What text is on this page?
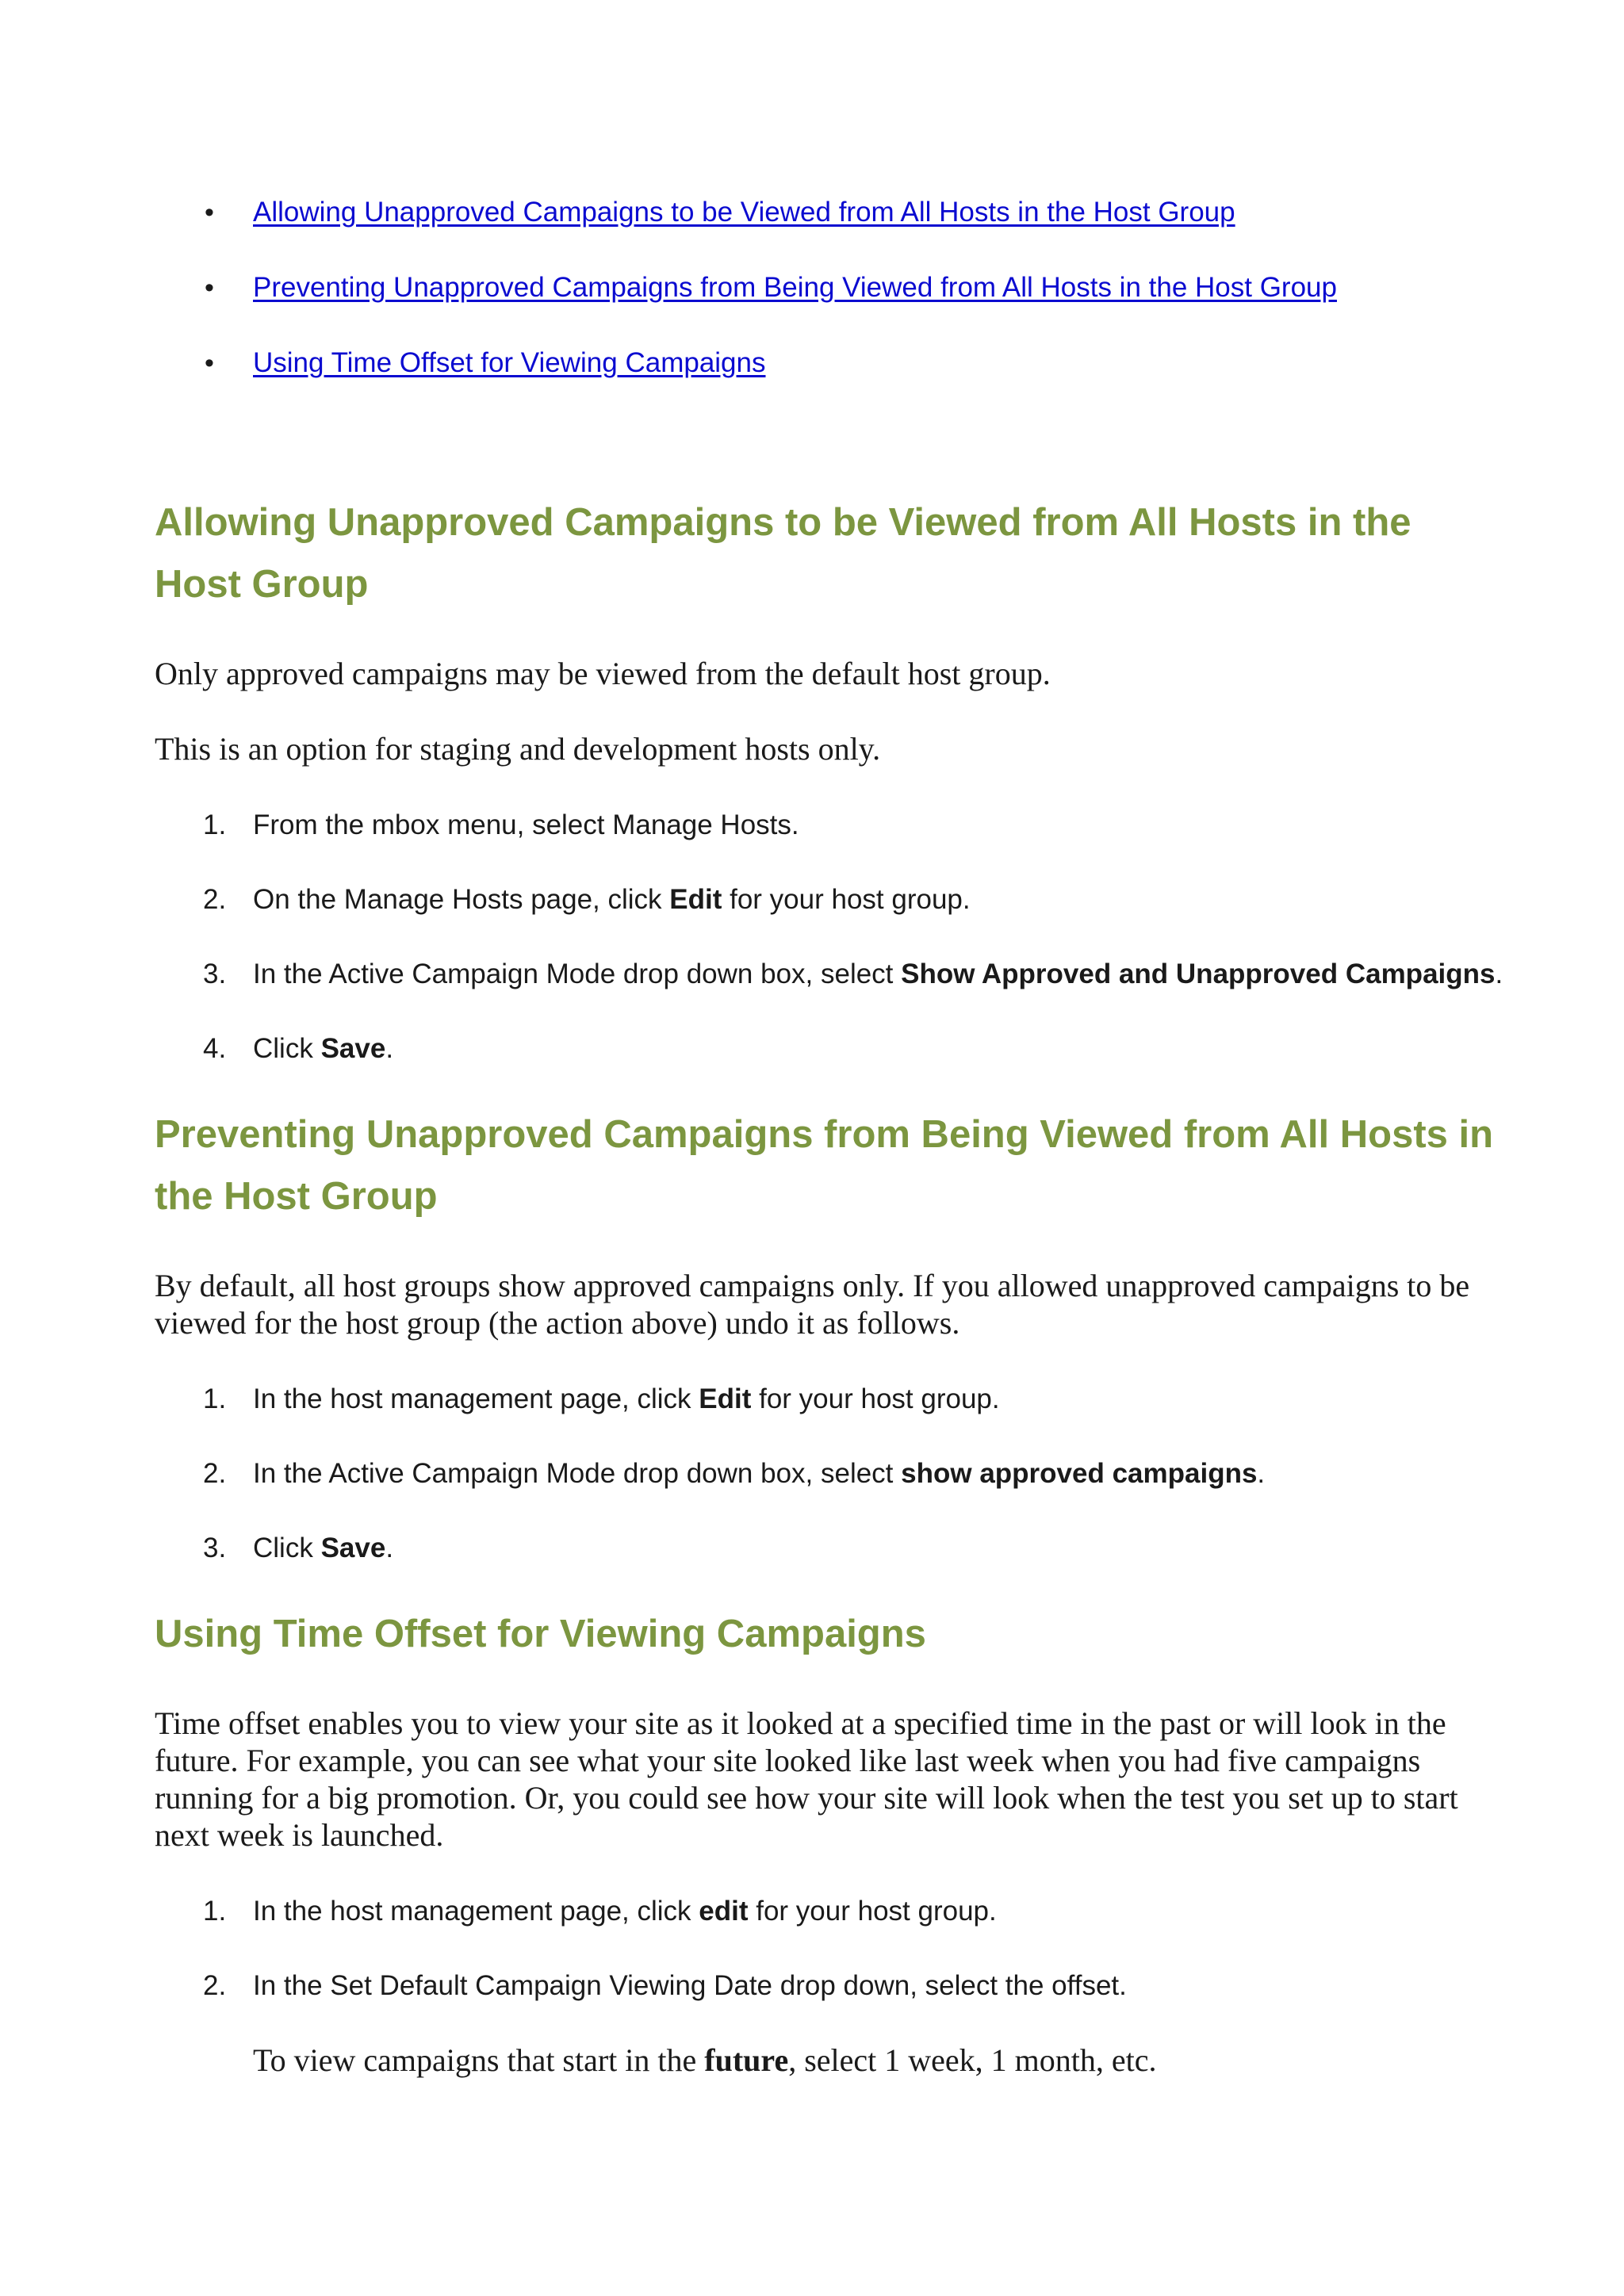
• Allowing Unapproved Campaigns to be Viewed from All Hosts in the Host Group
• Preventing Unapproved Campaigns from Being Viewed from All Hosts in the Host Group
• Using Time Offset for Viewing Campaigns
Allowing Unapproved Campaigns to be Viewed from All Hosts in the Host Group

Only approved campaigns may be viewed from the default host group.

This is an option for staging and development hosts only.

1. From the mbox menu, select Manage Hosts.
2. On the Manage Hosts page, click Edit for your host group.
3. In the Active Campaign Mode drop down box, select Show Approved and Unapproved Campaigns.
4. Click Save.
Preventing Unapproved Campaigns from Being Viewed from All Hosts in the Host Group

By default, all host groups show approved campaigns only. If you allowed unapproved campaigns to be viewed for the host group (the action above) undo it as follows.

1. In the host management page, click Edit for your host group.
2. In the Active Campaign Mode drop down box, select show approved campaigns.
3. Click Save.
Using Time Offset for Viewing Campaigns

Time offset enables you to view your site as it looked at a specified time in the past or will look in the future. For example, you can see what your site looked like last week when you had five campaigns running for a big promotion. Or, you could see how your site will look when the test you set up to start next week is launched.

1. In the host management page, click edit for your host group.
2. In the Set Default Campaign Viewing Date drop down, select the offset.
To view campaigns that start in the future, select 1 week, 1 month, etc.
